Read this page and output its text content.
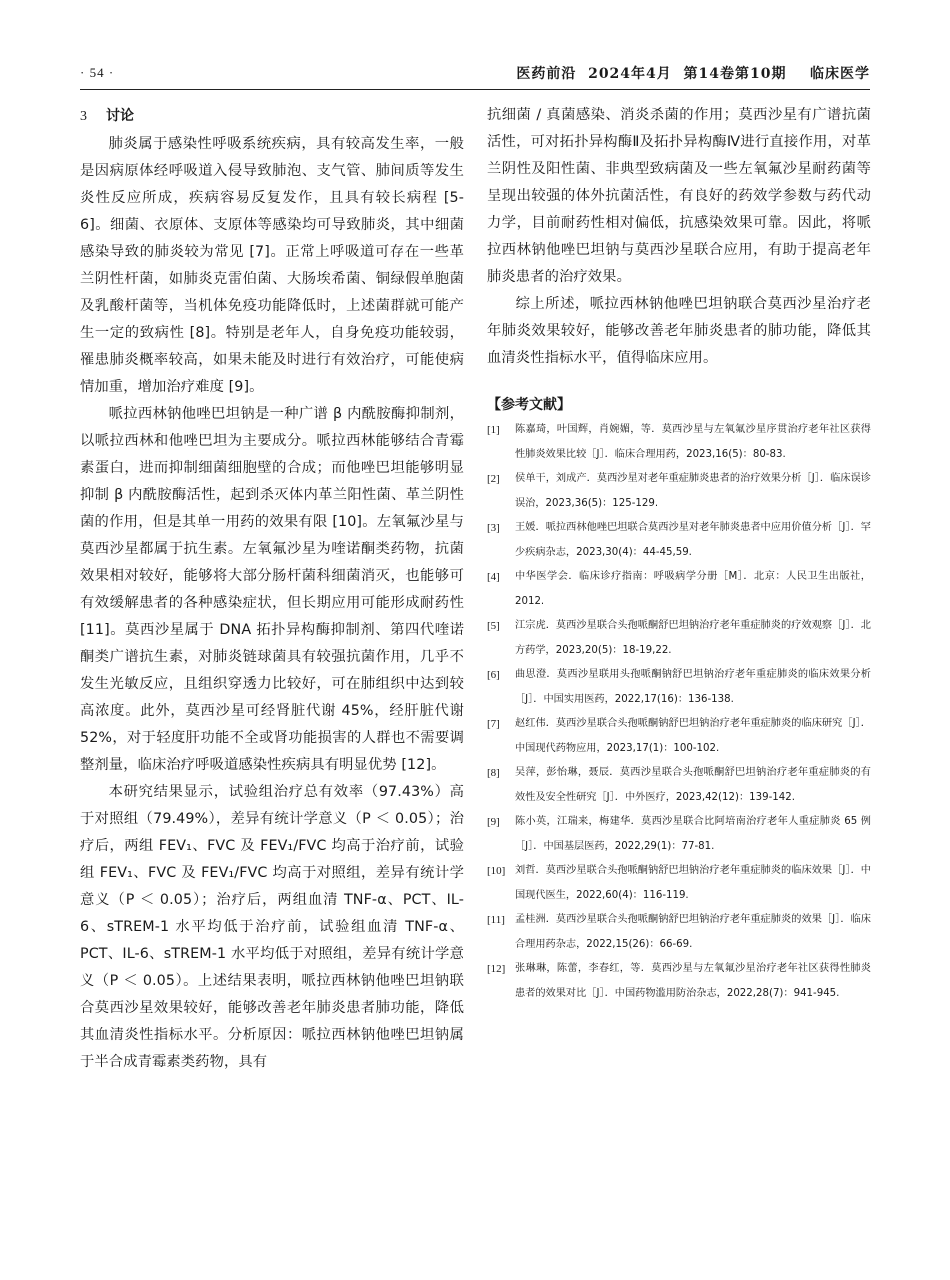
· 54 ·	医药前沿  2024年4月  第14卷第10期    临床医学
3 讨论

肺炎属于感染性呼吸系统疾病，具有较高发生率，一般是因病原体经呼吸道入侵导致肺泡、支气管、肺间质等发生炎性反应所成，疾病容易反复发作，且具有较长病程 [5-6]。细菌、衣原体、支原体等感染均可导致肺炎，其中细菌感染导致的肺炎较为常见 [7]。正常上呼吸道可存在一些革兰阴性杆菌，如肺炎克雷伯菌、大肠埃希菌、铜绿假单胞菌及乳酸杆菌等，当机体免疫功能降低时，上述菌群就可能产生一定的致病性 [8]。特别是老年人，自身免疫功能较弱，罹患肺炎概率较高，如果未能及时进行有效治疗，可能使病情加重，增加治疗难度 [9]。

哌拉西林钠他唑巴坦钠是一种广谱 β 内酰胺酶抑制剂，以哌拉西林和他唑巴坦为主要成分。哌拉西林能够结合青霉素蛋白，进而抑制细菌细胞壁的合成；而他唑巴坦能够明显抑制 β 内酰胺酶活性，起到杀灭体内革兰阳性菌、革兰阴性菌的作用，但是其单一用药的效果有限 [10]。左氧氟沙星与莫西沙星都属于抗生素。左氧氟沙星为喹诺酮类药物，抗菌效果相对较好，能够将大部分肠杆菌科细菌消灭，也能够可有效缓解患者的各种感染症状，但长期应用可能形成耐药性 [11]。莫西沙星属于 DNA 拓扑异构酶抑制剂、第四代喹诺酮类广谱抗生素，对肺炎链球菌具有较强抗菌作用，几乎不发生光敏反应，且组织穿透力比较好，可在肺组织中达到较高浓度。此外，莫西沙星可经肾脏代谢 45%，经肝脏代谢 52%，对于轻度肝功能不全或肾功能损害的人群也不需要调整剂量，临床治疗呼吸道感染性疾病具有明显优势 [12]。

本研究结果显示，试验组治疗总有效率（97.43%）高于对照组（79.49%），差异有统计学意义（P ＜ 0.05）；治疗后，两组 FEV₁、FVC 及 FEV₁/FVC 均高于治疗前，试验组 FEV₁、FVC 及 FEV₁/FVC 均高于对照组，差异有统计学意义（P ＜ 0.05）；治疗后，两组血清 TNF-α、PCT、IL-6、sTREM-1 水平均低于治疗前，试验组血清 TNF-α、PCT、IL-6、sTREM-1 水平均低于对照组，差异有统计学意义（P ＜ 0.05）。上述结果表明，哌拉西林钠他唑巴坦钠联合莫西沙星效果较好，能够改善老年肺炎患者肺功能，降低其血清炎性指标水平。分析原因：哌拉西林钠他唑巴坦钠属于半合成青霉素类药物，具有

抗细菌 / 真菌感染、消炎杀菌的作用；莫西沙星有广谱抗菌活性，可对拓扑异构酶Ⅱ及拓扑异构酶Ⅳ进行直接作用，对革兰阴性及阳性菌、非典型致病菌及一些左氧氟沙星耐药菌等呈现出较强的体外抗菌活性，有良好的药效学参数与药代动力学，目前耐药性相对偏低，抗感染效果可靠。因此，将哌拉西林钠他唑巴坦钠与莫西沙星联合应用，有助于提高老年肺炎患者的治疗效果。

综上所述，哌拉西林钠他唑巴坦钠联合莫西沙星治疗老年肺炎效果较好，能够改善老年肺炎患者的肺功能，降低其血清炎性指标水平，值得临床应用。

【参考文献】
[1]	陈嘉琦，叶国辉，肖婉媚，等．莫西沙星与左氧氟沙星序贯治疗老年社区获得性肺炎效果比较［J］．临床合理用药，2023,16(5)：80-83.
[2]	侯单干，刘成产．莫西沙星对老年重症肺炎患者的治疗效果分析［J］．临床误诊误治，2023,36(5)：125-129.
[3]	王媛．哌拉西林他唑巴坦联合莫西沙星对老年肺炎患者中应用价值分析［J］．罕少疾病杂志，2023,30(4)：44-45,59.
[4]	中华医学会．临床诊疗指南：呼吸病学分册［M］．北京：人民卫生出版社，2012.
[5]	江宗虎．莫西沙星联合头孢哌酮舒巴坦钠治疗老年重症肺炎的疗效观察［J］．北方药学，2023,20(5)：18-19,22.
[6]	曲思澄．莫西沙星联用头孢哌酮钠舒巴坦钠治疗老年重症肺炎的临床效果分析［J］．中国实用医药，2022,17(16)：136-138.
[7]	赵红伟．莫西沙星联合头孢哌酮钠舒巴坦钠治疗老年重症肺炎的临床研究［J］．中国现代药物应用，2023,17(1)：100-102.
[8]	吴萍，彭怡琳，聂辰．莫西沙星联合头孢哌酮舒巴坦钠治疗老年重症肺炎的有效性及安全性研究［J］．中外医疗，2023,42(12)：139-142.
[9]	陈小英，江瑞来，梅建华．莫西沙星联合比阿培南治疗老年人重症肺炎 65 例［J］．中国基层医药，2022,29(1)：77-81.
[10] 刘哲．莫西沙星联合头孢哌酮钠舒巴坦钠治疗老年重症肺炎的临床效果［J］．中国现代医生，2022,60(4)：116-119.
[11] 孟桂洲．莫西沙星联合头孢哌酮钠舒巴坦钠治疗老年重症肺炎的效果［J］．临床合理用药杂志，2022,15(26)：66-69.
[12] 张琳琳，陈蕾，李春红，等．莫西沙星与左氧氟沙星治疗老年社区获得性肺炎患者的效果对比［J］．中国药物滥用防治杂志，2022,28(7)：941-945.
